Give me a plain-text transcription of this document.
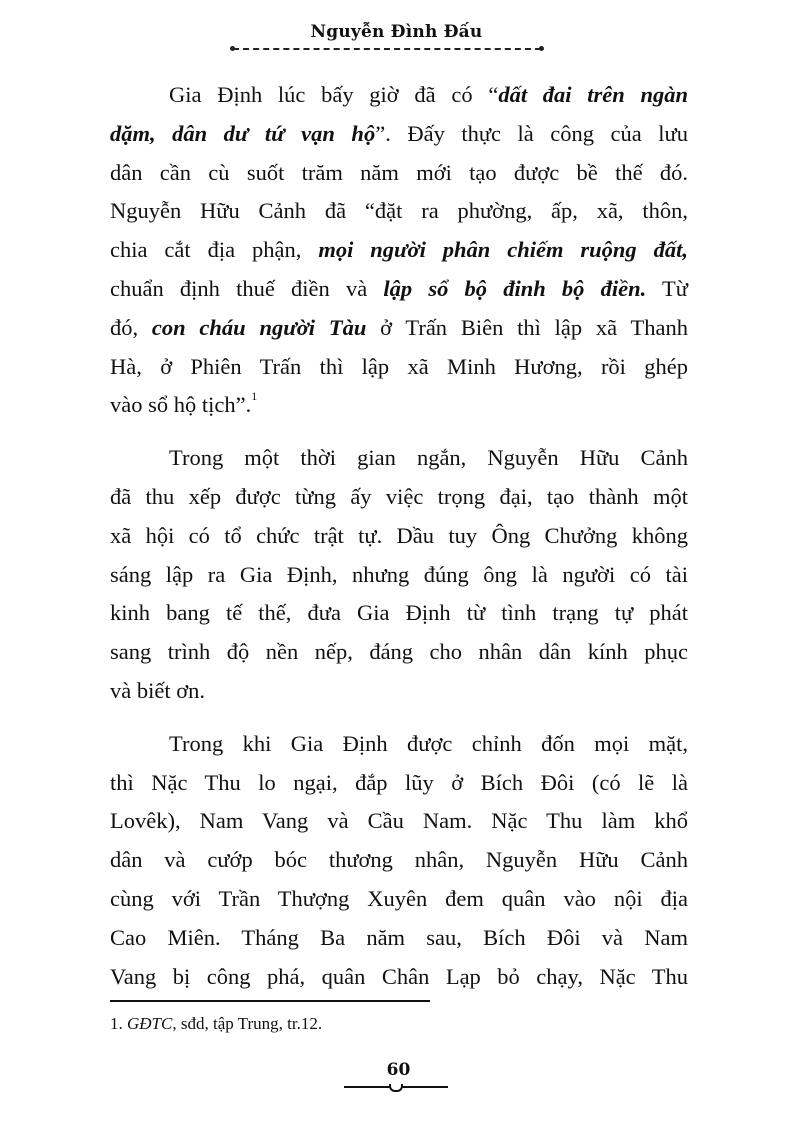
Nguyễn Đình Đấu
Gia Định lúc bấy giờ đã có “dất đai trên ngàn
dặm, dân dư tứ vạn hộ”. Đấy thực là công của lưu
dân cần cù suốt trăm năm mới tạo được bề thế đó.
Nguyễn Hữu Cảnh đã “đặt ra phường, ấp, xã, thôn,
chia cắt địa phận, mọi người phân chiếm ruộng đất,
chuẩn định thuế điền và lập sổ bộ đinh bộ điền. Từ
đó, con cháu người Tàu ở Trấn Biên thì lập xã Thanh
Hà, ở Phiên Trấn thì lập xã Minh Hương, rồi ghép
vào sổ hộ tịch”.$^1$
Trong một thời gian ngắn, Nguyễn Hữu Cảnh
đã thu xếp được từng ấy việc trọng đại, tạo thành một
xã hội có tổ chức trật tự. Dầu tuy Ông Chưởng không
sáng lập ra Gia Định, nhưng đúng ông là người có tài
kinh bang tế thế, đưa Gia Định từ tình trạng tự phát
sang trình độ nền nếp, đáng cho nhân dân kính phục
và biết ơn.
Trong khi Gia Định được chỉnh đốn mọi mặt,
thì Nặc Thu lo ngại, đắp lũy ở Bích Đôi (có lẽ là
Lovêk), Nam Vang và Cầu Nam. Nặc Thu làm khổ
dân và cướp bóc thương nhân, Nguyễn Hữu Cảnh
cùng với Trần Thượng Xuyên đem quân vào nội địa
Cao Miên. Tháng Ba năm sau, Bích Đôi và Nam
Vang bị công phá, quân Chân Lạp bỏ chạy, Nặc Thu
1. GĐTC, sđd, tập Trung, tr.12.
60
